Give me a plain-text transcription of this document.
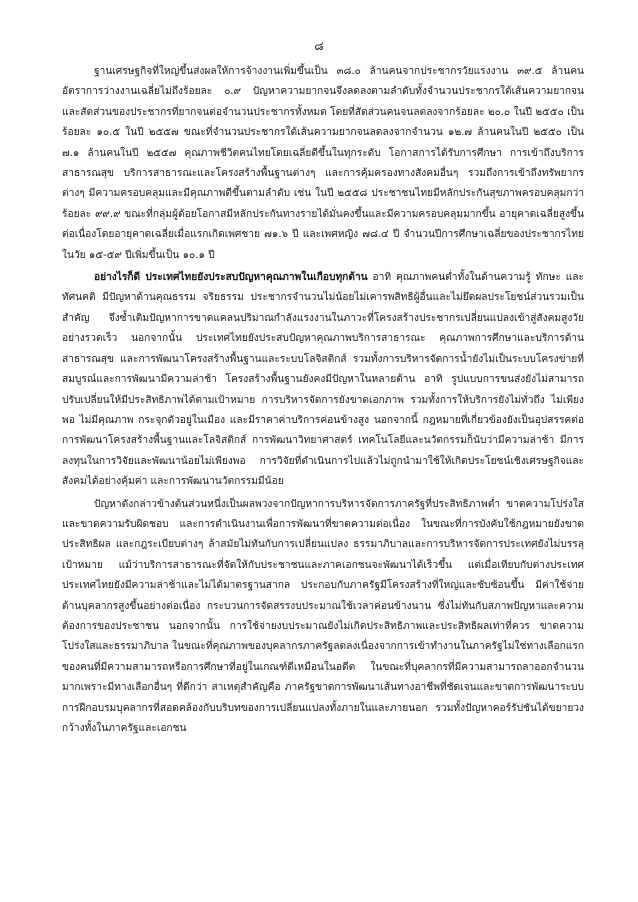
๘

ฐานเศรษฐกิจที่ใหญ่ขึ้นส่งผลให้การจ้างงานเพิ่มขึ้นเป็น ๓๘.๐ ล้านคนจากประชากรวัยแรงงาน ๓๙.๕ ล้านคน อัตราการว่างงานเฉลี่ยไม่ถึงร้อยละ ๐.๙ ปัญหาความยากจนจึงลดลงตามลำดับทั้งจำนวนประชากรใต้เส้นความยากจนและสัดส่วนของประชากรที่ยากจนต่อจำนวนประชากรทั้งหมด โดยที่สัดส่วนคนจนลดลงจากร้อยละ ๒๐.๐ ในปี ๒๕๕๐ เป็นร้อยละ ๑๐.๕ ในปี ๒๕๕๗ ขณะที่จำนวนประชากรใต้เส้นความยากจนลดลงจากจำนวน ๑๒.๗ ล้านคนในปี ๒๕๕๐ เป็น ๗.๑ ล้านคนในปี ๒๕๕๗ คุณภาพชีวิตคนไทยโดยเฉลี่ยดีขึ้นในทุกระดับ โอกาสการได้รับการศึกษา การเข้าถึงบริการสาธารณสุข บริการสาธารณะและโครงสร้างพื้นฐานต่างๆ และการคุ้มครองทางสังคมอื่นๆ รวมถึงการเข้าถึงทรัพยากรต่างๆ มีความครอบคลุมและมีคุณภาพดีขึ้นตามลำดับ เช่น ในปี ๒๕๕๘ ประชาชนไทยมีหลักประกันสุขภาพครอบคลุมกว่าร้อยละ ๙๙.๙ ขณะที่กลุ่มผู้ด้อยโอกาสมีหลักประกันทางรายได้มั่นคงขึ้นและมีความครอบคลุมมากขึ้น อายุคาดเฉลี่ยสูงขึ้นต่อเนื่องโดยอายุคาดเฉลี่ยเมื่อแรกเกิดเพศชาย ๗๑.๖ ปี และเพศหญิง ๗๘.๔ ปี จำนวนปีการศึกษาเฉลี่ยของประชากรไทยในวัย ๑๕-๕๙ ปีเพิ่มขึ้นเป็น ๑๐.๑ ปี

อย่างไรก็ดี ประเทศไทยยังประสบปัญหาคุณภาพในเกือบทุกด้าน อาทิ คุณภาพคนต่ำทั้งในด้านความรู้ ทักษะ และทัศนคติ มีปัญหาด้านคุณธรรม จริยธรรม ประชากรจำนวนไม่น้อยไม่เคารพสิทธิผู้อื่นและไม่ยึดผลประโยชน์ส่วนรวมเป็นสำคัญ จึงซ้ำเติมปัญหาการขาดแคลนปริมาณกำลังแรงงานในภาวะที่โครงสร้างประชากรเปลี่ยนแปลงเข้าสู่สังคมสูงวัยอย่างรวดเร็ว นอกจากนั้น ประเทศไทยยังประสบปัญหาคุณภาพบริการสาธารณะ คุณภาพการศึกษาและบริการด้านสาธารณสุข และการพัฒนาโครงสร้างพื้นฐานและระบบโลจิสติกส์ รวมทั้งการบริหารจัดการน้ำยังไม่เป็นระบบโครงข่ายที่สมบูรณ์และการพัฒนามีความล่าช้า โครงสร้างพื้นฐานยังคงมีปัญหาในหลายด้าน อาทิ รูปแบบการขนส่งยังไม่สามารถปรับเปลี่ยนให้มีประสิทธิภาพได้ตามเป้าหมาย การบริหารจัดการยังขาดเอกภาพ รวมทั้งการให้บริการยังไม่ทั่วถึง ไม่เพียงพอ ไม่มีคุณภาพ กระจุกตัวอยู่ในเมือง และมีราคาค่าบริการค่อนข้างสูง นอกจากนี้ กฎหมายที่เกี่ยวข้องยังเป็นอุปสรรคต่อการพัฒนาโครงสร้างพื้นฐานและโลจิสติกส์ การพัฒนาวิทยาศาสตร์ เทคโนโลยีและนวัตกรรมก็นับว่ามีความล่าช้า มีการลงทุนในการวิจัยและพัฒนาน้อยไม่เพียงพอ การวิจัยที่ดำเนินการไปแล้วไม่ถูกนำมาใช้ให้เกิดประโยชน์เชิงเศรษฐกิจและสังคมได้อย่างคุ้มค่า และการพัฒนานวัตกรรมมีน้อย

ปัญหาดังกล่าวข้างต้นส่วนหนึ่งเป็นผลพวงจากปัญหาการบริหารจัดการภาครัฐที่ประสิทธิภาพต่ำ ขาดความโปร่งใส และขาดความรับผิดชอบ และการดำเนินงานเพื่อการพัฒนาที่ขาดความต่อเนื่อง ในขณะที่การบังคับใช้กฎหมายยังขาดประสิทธิผล และกฎระเบียบต่างๆ ล้าสมัยไม่ทันกับการเปลี่ยนแปลง ธรรมาภิบาลและการบริหารจัดการประเทศยังไม่บรรลุเป้าหมาย แม้ว่าบริการสาธารณะที่จัดให้กับประชาชนและภาคเอกชนจะพัฒนาได้เร็วขึ้น แต่เมื่อเทียบกับต่างประเทศ ประเทศไทยยังมีความล่าช้าและไม่ได้มาตรฐานสากล ประกอบกับภาครัฐมีโครงสร้างที่ใหญ่และซับซ้อนขึ้น มีค่าใช้จ่ายด้านบุคลากรสูงขึ้นอย่างต่อเนื่อง กระบวนการจัดสรรงบประมาณใช้เวลาค่อนข้างนาน ซึ่งไม่ทันกับสภาพปัญหาและความต้องการของประชาชน นอกจากนั้น การใช้จ่ายงบประมาณยังไม่เกิดประสิทธิภาพและประสิทธิผลเท่าที่ควร ขาดความโปร่งใสและธรรมาภิบาล ในขณะที่คุณภาพของบุคลากรภาครัฐลดลงเนื่องจากการเข้าทำงานในภาครัฐไม่ใช่ทางเลือกแรกของคนที่มีความสามารถหรือการศึกษาที่อยู่ในเกณฑ์ดีเหมือนในอดีต ในขณะที่บุคลากรที่มีความสามารถลาออกจำนวนมากเพราะมีทางเลือกอื่นๆ ที่ดีกว่า สาเหตุสำคัญคือ ภาครัฐขาดการพัฒนาเส้นทางอาชีพที่ชัดเจนและขาดการพัฒนาระบบการฝึกอบรมบุคลากรที่สอดคล้องกับบริบทของการเปลี่ยนแปลงทั้งภายในและภายนอก รวมทั้งปัญหาคอร์รัปชันได้ขยายวงกว้างทั้งในภาครัฐและเอกชน
